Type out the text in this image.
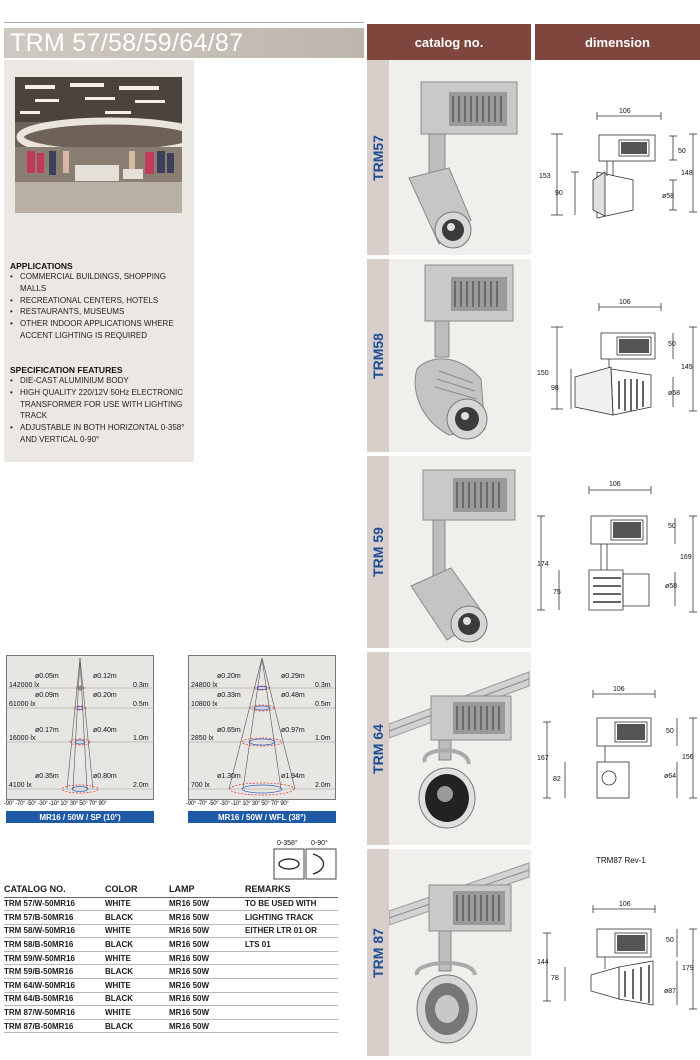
TRM 57/58/59/64/87	catalog no.	dimension
APPLICATIONS
• COMMERCIAL BUILDINGS, SHOPPING MALLS
• RECREATIONAL CENTERS, HOTELS
• RESTAURANTS, MUSEUMS
• OTHER INDOOR APPLICATIONS WHERE ACCENT LIGHTING IS REQUIRED
SPECIFICATION FEATURES
• DIE-CAST ALUMINIUM BODY
• HIGH QUALITY 220/12V 50Hz ELECTRONIC TRANSFORMER FOR USE WITH LIGHTING TRACK
• ADJUSTABLE IN BOTH HORIZONTAL 0-358° AND VERTICAL 0-90°
TRM57
106
153
90
148
50
ø58
TRM58
106
150
98
145
50
ø58
TRM 59
106
174
75
169
50
ø58
TRM 64
106
167
82
156
50
ø64
TRM 87
TRM87 Rev-1
106
144
78
179
50
ø87
142000 lx
ø0.05m	ø0.12m
0.3m
61000 lx
ø0.09m	ø0.20m
0.5m
16000 lx
ø0.17m	ø0.40m
1.0m
4100 lx
ø0.35m	ø0.80m
2.0m
-90° -70° -50° -30° -10° 10° 30° 50° 70° 90°
MR16 / 50W / SP (10°)
24800 lx
ø0.20m	ø0.29m
0.3m
10800 lx
ø0.33m	ø0.48m
0.5m
2850 lx
ø0.65m	ø0.97m
1.0m
700 lx
ø1.30m	ø1.94m
2.0m
-90° -70° -50° -30° -10° 10° 30° 50° 70° 90°
MR16 / 50W / WFL (38°)
0-358° 0-90°
CATALOG NO.	COLOR	LAMP	REMARKS
TRM 57/W-50MR16	WHITE	MR16 50W	TO BE USED WITH
TRM 57/B-50MR16	BLACK	MR16 50W	LIGHTING TRACK
TRM 58/W-50MR16	WHITE	MR16 50W	EITHER LTR 01 OR
TRM 58/B-50MR16	BLACK	MR16 50W	LTS 01
TRM 59/W-50MR16	WHITE	MR16 50W	
TRM 59/B-50MR16	BLACK	MR16 50W	
TRM 64/W-50MR16	WHITE	MR16 50W	
TRM 64/B-50MR16	BLACK	MR16 50W	
TRM 87/W-50MR16	WHITE	MR16 50W	
TRM 87/B-50MR16	BLACK	MR16 50W	
